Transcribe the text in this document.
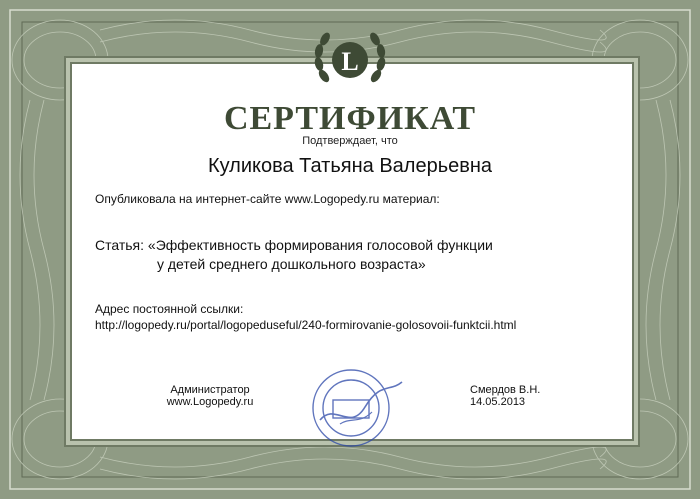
L
СЕРТИФИКАТ
Подтверждает, что
Куликова Татьяна Валерьевна
Опубликовала на интернет-сайте www.Logopedy.ru материал:
Статья: «Эффективность формирования голосовой функции
у детей среднего дошкольного возраста»
Адрес постоянной ссылки:
http://logopedy.ru/portal/logopeduseful/240-formirovanie-golosovoii-funktcii.html
Администратор
www.Logopedy.ru
Смердов В.Н.
14.05.2013
